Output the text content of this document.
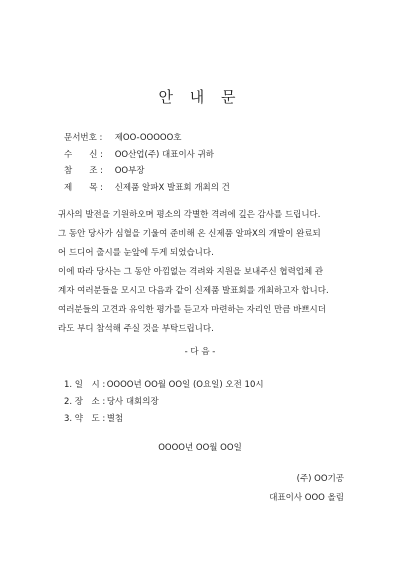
안 내 문
문서번호 : 제OO-OOOOO호
수　　신 : OO산업(주) 대표이사 귀하
참　　조 : OO부장
제　　목 : 신제품 알파X 발표회 개최의 건
귀사의 발전을 기원하오며 평소의 각별한 격려에 깊은 감사를 드립니다.
그 동안 당사가 심혈을 기울여 준비해 온 신제품 알파X의 개발이 완료되
어 드디어 출시를 눈앞에 두게 되었습니다.
이에 따라 당사는 그 동안 아낌없는 격려와 지원을 보내주신 협력업체 관
계자 여러분들을 모시고 다음과 같이 신제품 발표회를 개최하고자 합니다.
여러분들의 고견과 유익한 평가를 듣고자 마련하는 자리인 만큼 바쁘시더
라도 부디 참석해 주실 것을 부탁드립니다.
- 다 음 -
1. 일　시 : OOOO년 OO월 OO일 (O요일) 오전 10시
2. 장　소 : 당사 대회의장
3. 약　도 : 별첨
OOOO년 OO월 OO일
(주) OO기공
대표이사 OOO 올림
